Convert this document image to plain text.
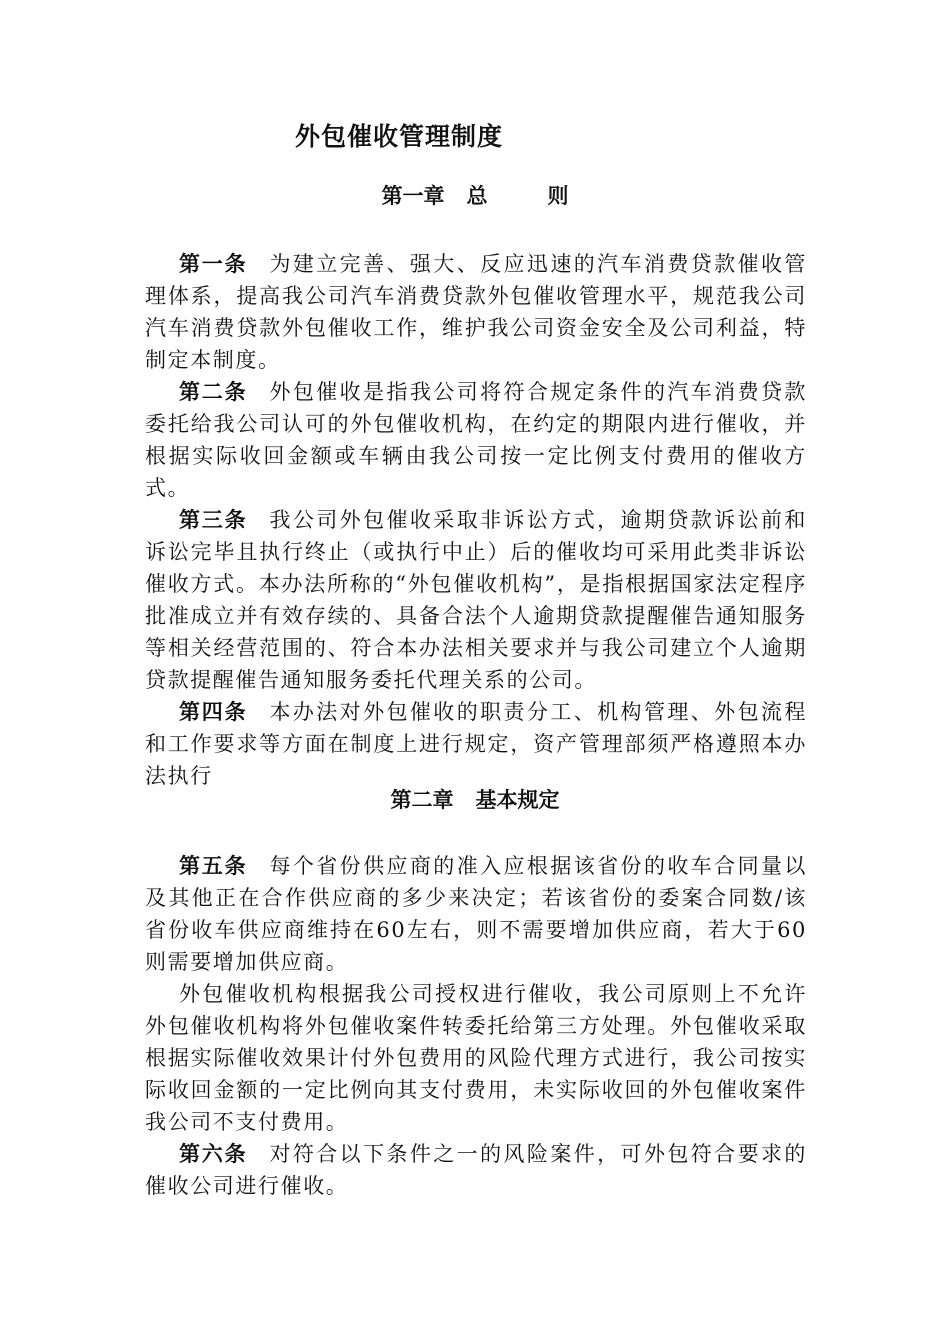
外包催收管理制度
第一章 总	则

第一条 为建立完善、强大、反应迅速的汽车消费贷款催收管理体系，提高我公司汽车消费贷款外包催收管理水平，规范我公司汽车消费贷款外包催收工作，维护我公司资金安全及公司利益，特制定本制度。

第二条 外包催收是指我公司将符合规定条件的汽车消费贷款委托给我公司认可的外包催收机构，在约定的期限内进行催收，并根据实际收回金额或车辆由我公司按一定比例支付费用的催收方式。

第三条 我公司外包催收采取非诉讼方式，逾期贷款诉讼前和诉讼完毕且执行终止（或执行中止）后的催收均可采用此类非诉讼催收方式。本办法所称的“外包催收机构”，是指根据国家法定程序批准成立并有效存续的、具备合法个人逾期贷款提醒催告通知服务等相关经营范围的、符合本办法相关要求并与我公司建立个人逾期贷款提醒催告通知服务委托代理关系的公司。

第四条 本办法对外包催收的职责分工、机构管理、外包流程和工作要求等方面在制度上进行规定，资产管理部须严格遵照本办法执行

第二章 基本规定

第五条 每个省份供应商的准入应根据该省份的收车合同量以及其他正在合作供应商的多少来决定；若该省份的委案合同数/该省份收车供应商维持在60左右，则不需要增加供应商，若大于60则需要增加供应商。

外包催收机构根据我公司授权进行催收，我公司原则上不允许外包催收机构将外包催收案件转委托给第三方处理。外包催收采取根据实际催收效果计付外包费用的风险代理方式进行，我公司按实际收回金额的一定比例向其支付费用，未实际收回的外包催收案件我公司不支付费用。

第六条 对符合以下条件之一的风险案件，可外包符合要求的催收公司进行催收。
